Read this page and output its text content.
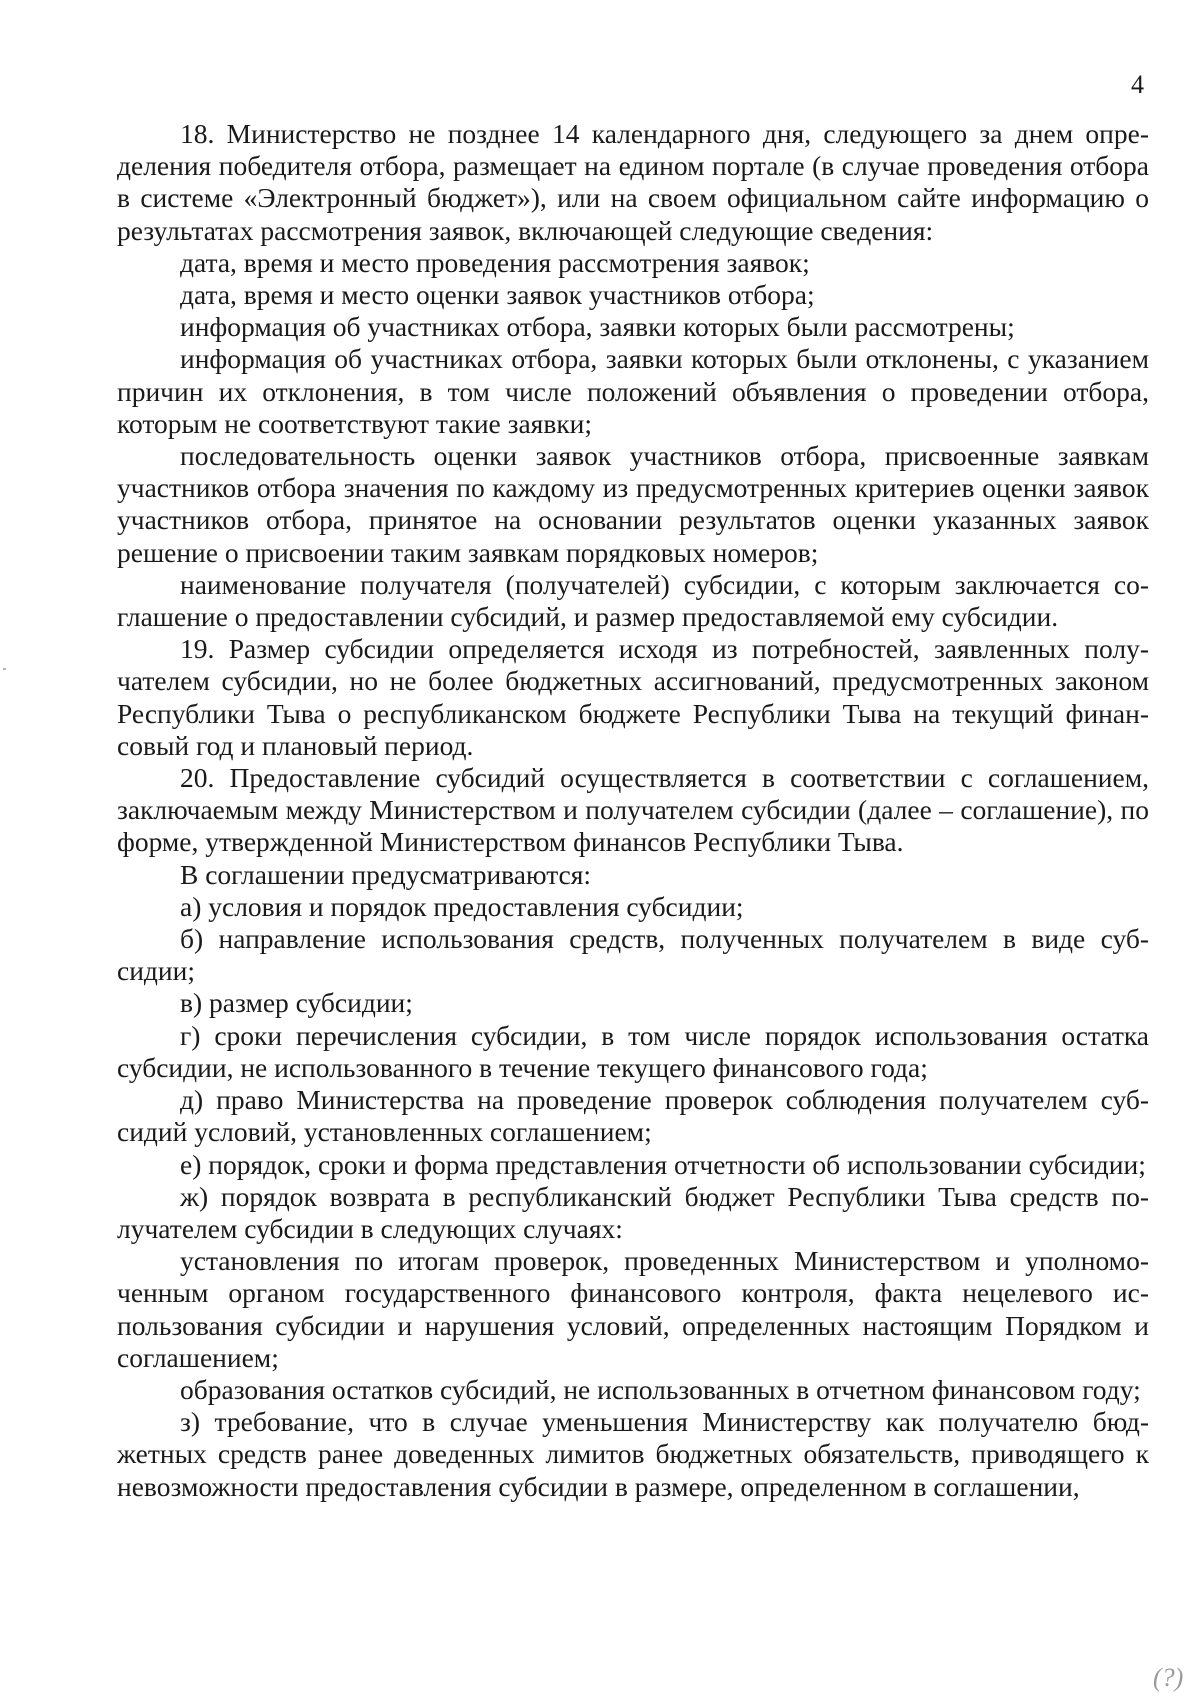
4

18. Министерство не позднее 14 календарного дня, следующего за днем определения победителя отбора, размещает на едином портале (в случае проведения отбора в системе «Электронный бюджет»), или на своем официальном сайте информацию о результатах рассмотрения заявок, включающей следующие сведения:

дата, время и место проведения рассмотрения заявок;

дата, время и место оценки заявок участников отбора;

информация об участниках отбора, заявки которых были рассмотрены;

информация об участниках отбора, заявки которых были отклонены, с указанием причин их отклонения, в том числе положений объявления о проведении отбора, которым не соответствуют такие заявки;

последовательность оценки заявок участников отбора, присвоенные заявкам участников отбора значения по каждому из предусмотренных критериев оценки заявок участников отбора, принятое на основании результатов оценки указанных заявок решение о присвоении таким заявкам порядковых номеров;

наименование получателя (получателей) субсидии, с которым заключается соглашение о предоставлении субсидий, и размер предоставляемой ему субсидии.

19. Размер субсидии определяется исходя из потребностей, заявленных получателем субсидии, но не более бюджетных ассигнований, предусмотренных законом Республики Тыва о республиканском бюджете Республики Тыва на текущий финансовый год и плановый период.

20. Предоставление субсидий осуществляется в соответствии с соглашением, заключаемым между Министерством и получателем субсидии (далее – соглашение), по форме, утвержденной Министерством финансов Республики Тыва.

В соглашении предусматриваются:

а) условия и порядок предоставления субсидии;

б) направление использования средств, полученных получателем в виде субсидии;

в) размер субсидии;

г) сроки перечисления субсидии, в том числе порядок использования остатка субсидии, не использованного в течение текущего финансового года;

д) право Министерства на проведение проверок соблюдения получателем субсидий условий, установленных соглашением;

е) порядок, сроки и форма представления отчетности об использовании субсидии;

ж) порядок возврата в республиканский бюджет Республики Тыва средств получателем субсидии в следующих случаях:

установления по итогам проверок, проведенных Министерством и уполномоченным органом государственного финансового контроля, факта нецелевого использования субсидии и нарушения условий, определенных настоящим Порядком и соглашением;

образования остатков субсидий, не использованных в отчетном финансовом году;

з) требование, что в случае уменьшения Министерству как получателю бюджетных средств ранее доведенных лимитов бюджетных обязательств, приводящего к невозможности предоставления субсидии в размере, определенном в соглашении,

(?)
